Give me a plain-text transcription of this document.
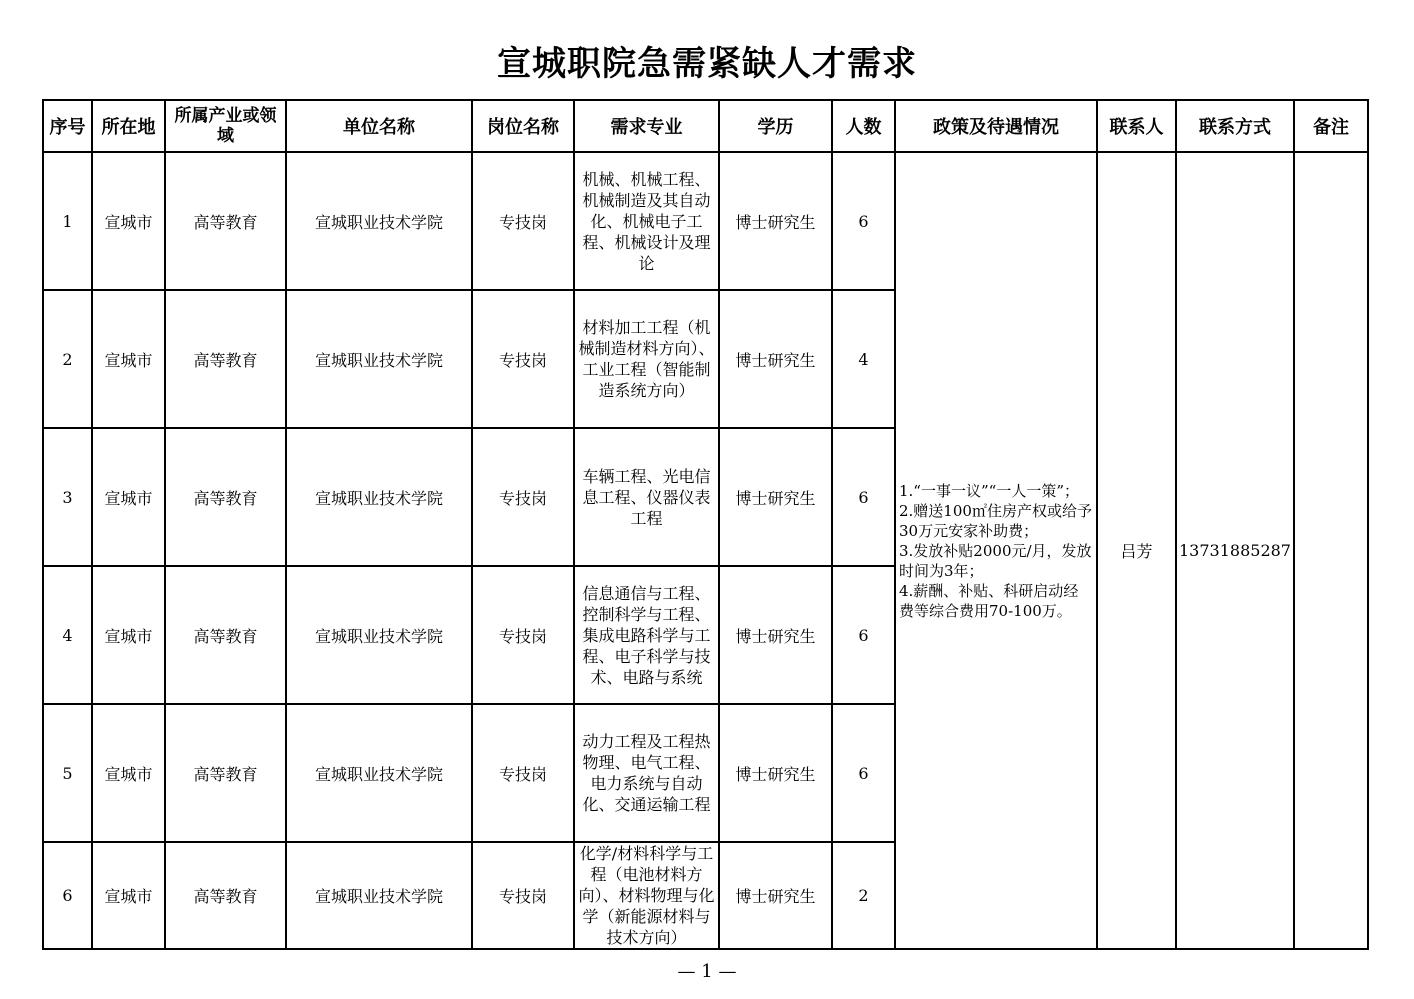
宣城职院急需紧缺人才需求
序号	所在地	所属产业或领域	单位名称	岗位名称	需求专业	学历	人数	政策及待遇情况	联系人	联系方式	备注
1	宣城市	高等教育	宣城职业技术学院	专技岗	机械、机械工程、机械制造及其自动化、机械电子工程、机械设计及理论	博士研究生	6	1.“一事一议”“一人一策”；
2.赠送100㎡住房产权或给予30万元安家补助费；
3.发放补贴2000元/月，发放时间为3年；
4.薪酬、补贴、科研启动经费等综合费用70-100万。	吕芳	13731885287	
2	宣城市	高等教育	宣城职业技术学院	专技岗	材料加工工程（机械制造材料方向）、工业工程（智能制造系统方向）	博士研究生	4				
3	宣城市	高等教育	宣城职业技术学院	专技岗	车辆工程、光电信息工程、仪器仪表工程	博士研究生	6				
4	宣城市	高等教育	宣城职业技术学院	专技岗	信息通信与工程、控制科学与工程、集成电路科学与工程、电子科学与技术、电路与系统	博士研究生	6				
5	宣城市	高等教育	宣城职业技术学院	专技岗	动力工程及工程热物理、电气工程、电力系统与自动化、交通运输工程	博士研究生	6				
6	宣城市	高等教育	宣城职业技术学院	专技岗	化学/材料科学与工程（电池材料方向）、材料物理与化学（新能源材料与技术方向）	博士研究生	2				
— 1 —
